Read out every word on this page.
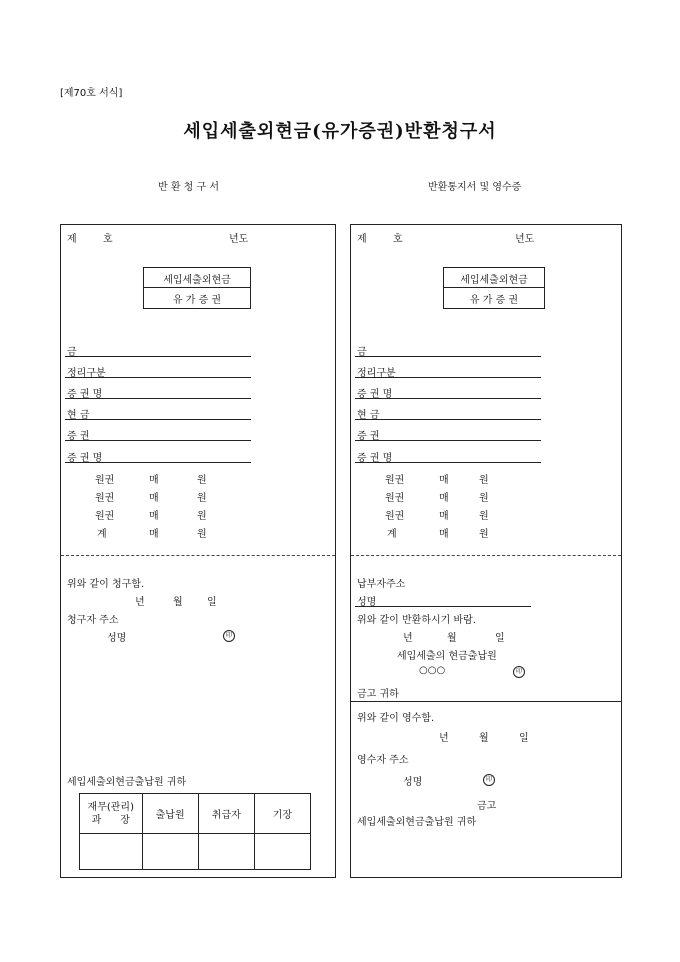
[제70호 서식]
세입세출외현금(유가증권)반환청구서
반 환 청 구 서	반환통지서 및 영수증
제	호	년도
세입세출외현금
유 가 증 권
금
정리구분
증 권 명
현 금
증 권
증 권 명
원권	매	원
원권	매	원
원권	매	원
계	매	원
위와 같이 청구함.
년	월 일
청구자 주소
성명	印
세입세출외현금출납원 귀하
재무(관리)
과      장	출납원	취급자	기장

제	호	년도
세입세출외현금
유 가 증 권
금
정리구분
증 권 명
현 금
증 권
증 권 명
원권	매	원
원권	매	원
원권	매	원
계	매	원
납부자주소
성명
위와 같이 반환하시기 바람.
년	월	일
세입세출의 현금출납원
○○○	印
금고 귀하
위와 같이 영수함.
년	월	일
영수자 주소
성명	印
금고
세입세출외현금출납원 귀하
